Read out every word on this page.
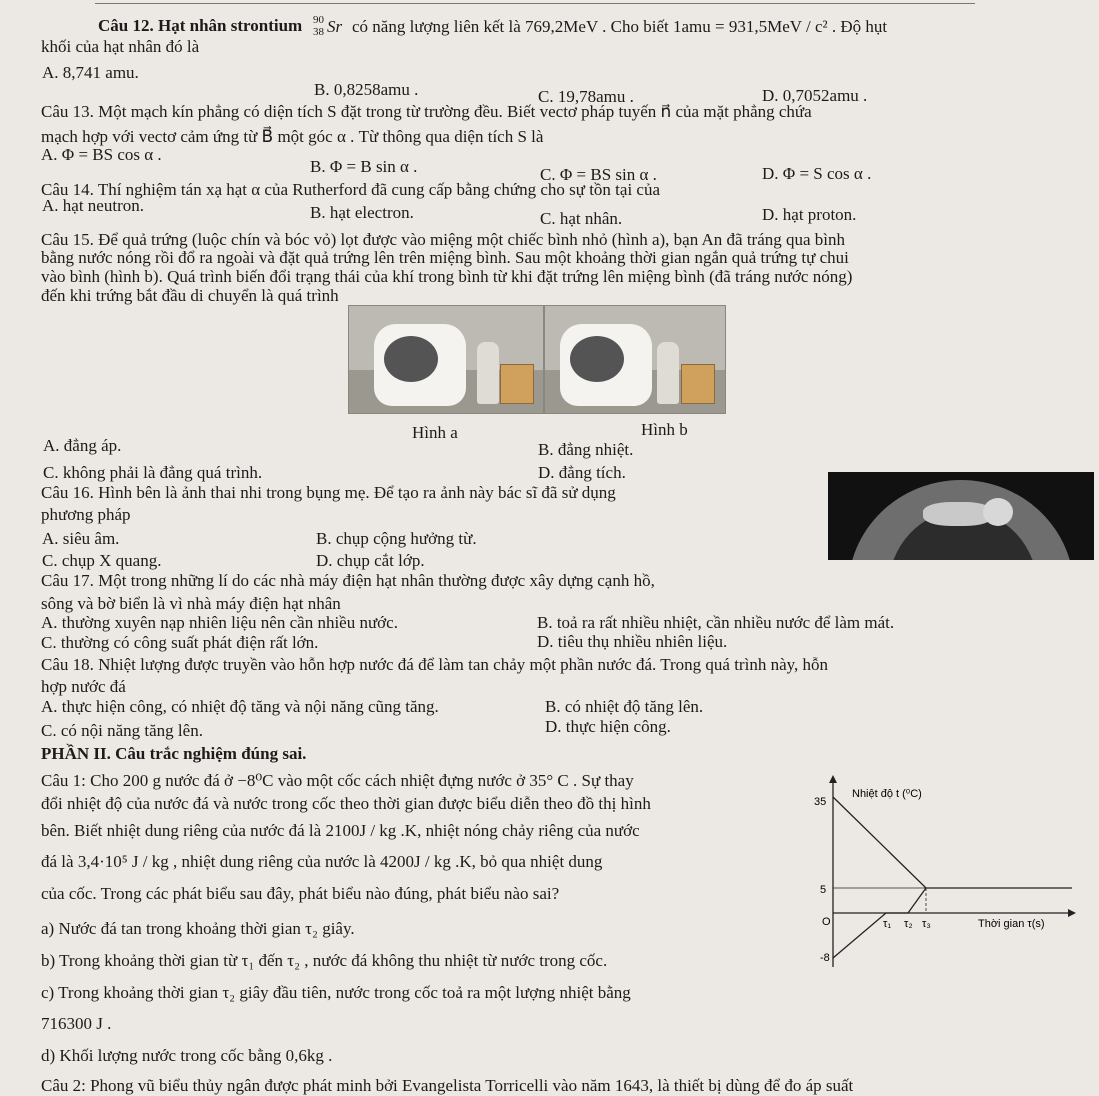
Câu 12. Hạt nhân strontium 90
38 Sr có năng lượng liên kết là 769,2MeV . Cho biết 1amu = 931,5MeV / c² . Độ hụt
khối của hạt nhân đó là
A. 8,741 amu.
B. 0,8258amu .	C. 19,78amu .	D. 0,7052amu .
Câu 13. Một mạch kín phẳng có diện tích S đặt trong từ trường đều. Biết vectơ pháp tuyến n⃗ của mặt phẳng chứa
mạch hợp với vectơ cảm ứng từ B⃗ một góc α . Từ thông qua diện tích S là
A. Φ = BS cos α .
B. Φ = B sin α .	C. Φ = BS sin α .	D. Φ = S cos α .
Câu 14. Thí nghiệm tán xạ hạt α của Rutherford đã cung cấp bằng chứng cho sự tồn tại của
A. hạt neutron.	B. hạt electron.	C. hạt nhân.	D. hạt proton.
Câu 15. Để quả trứng (luộc chín và bóc vỏ) lọt được vào miệng một chiếc bình nhỏ (hình a), bạn An đã tráng qua bình
bằng nước nóng rồi đổ ra ngoài và đặt quả trứng lên trên miệng bình. Sau một khoảng thời gian ngắn quả trứng tự chui
vào bình (hình b). Quá trình biến đổi trạng thái của khí trong bình từ khi đặt trứng lên miệng bình (đã tráng nước nóng)
đến khi trứng bắt đầu di chuyển là quá trình
Hình a	Hình b
A. đẳng áp.	B. đẳng nhiệt.
C. không phải là đẳng quá trình.	D. đẳng tích.
Câu 16. Hình bên là ảnh thai nhi trong bụng mẹ. Để tạo ra ảnh này bác sĩ đã sử dụng
phương pháp
A. siêu âm.	B. chụp cộng hưởng từ.
C. chụp X quang.	D. chụp cắt lớp.
Câu 17. Một trong những lí do các nhà máy điện hạt nhân thường được xây dựng cạnh hồ,
sông và bờ biển là vì nhà máy điện hạt nhân
A. thường xuyên nạp nhiên liệu nên cần nhiều nước.	B. toả ra rất nhiều nhiệt, cần nhiều nước để làm mát.
C. thường có công suất phát điện rất lớn.	D. tiêu thụ nhiều nhiên liệu.
Câu 18. Nhiệt lượng được truyền vào hỗn hợp nước đá để làm tan chảy một phần nước đá. Trong quá trình này, hỗn
hợp nước đá
A. thực hiện công, có nhiệt độ tăng và nội năng cũng tăng.	B. có nhiệt độ tăng lên.
C. có nội năng tăng lên.	D. thực hiện công.
PHẦN II. Câu trắc nghiệm đúng sai.
Câu 1: Cho 200 g nước đá ở −8⁰C vào một cốc cách nhiệt đựng nước ở 35° C . Sự thay
đổi nhiệt độ của nước đá và nước trong cốc theo thời gian được biểu diễn theo đồ thị hình
bên. Biết nhiệt dung riêng của nước đá là 2100J / kg .K, nhiệt nóng chảy riêng của nước
đá là 3,4·10⁵ J / kg , nhiệt dung riêng của nước là 4200J / kg .K, bỏ qua nhiệt dung
của cốc. Trong các phát biểu sau đây, phát biểu nào đúng, phát biểu nào sai?
a) Nước đá tan trong khoảng thời gian τ₂ giây.
b) Trong khoảng thời gian từ τ₁ đến τ₂ , nước đá không thu nhiệt từ nước trong cốc.
c) Trong khoảng thời gian τ₂ giây đầu tiên, nước trong cốc toả ra một lượng nhiệt bằng
716300 J .
d) Khối lượng nước trong cốc bằng 0,6kg .
Câu 2: Phong vũ biểu thủy ngân được phát minh bởi Evangelista Torricelli vào năm 1643, là thiết bị dùng để đo áp suất
Nhiệt độ t (⁰C)
35
5
O
-8
τ₁ τ₂ τ₃	Thời gian τ(s)
